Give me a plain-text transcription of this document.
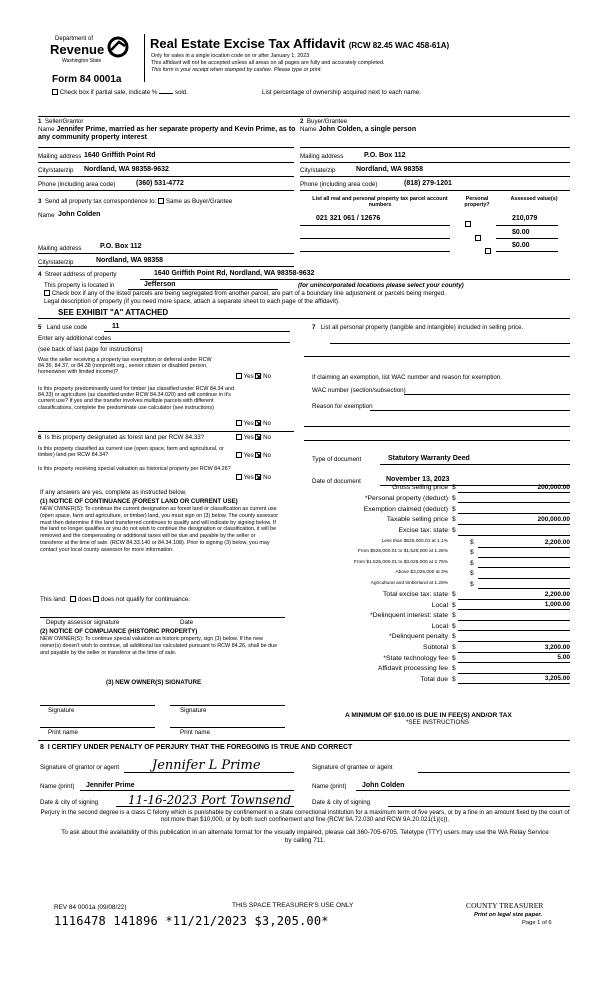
Department of
Revenue
Washington State
Real Estate Excise Tax Affidavit (RCW 82.45 WAC 458-61A)
Only for sales in a single location code on or after January 1, 2023
This affidavit will not be accepted unless all areas on all pages are fully and accurately completed.
This form is your receipt when stamped by cashier. Please type or print.
Form 84 0001a
Check box if partial sale, indicate %	sold.	List percentage of ownership acquired next to each name.
1 Seller/Grantor
Name Jennifer Prime, married as her separate property and Kevin Prime, as to any community property interest
2 Buyer/Grantee
Name John Colden, a single person
Mailing address 1640 Griffith Point Rd
City/state/zip Nordland, WA 98358-9632
Phone (including area code)	(360) 531-4772
Mailing address	P.O. Box 112
City/state/zip	Nordland, WA 98358
Phone (including area code)	(818) 279-1201
3 Send all property tax correspondence to: Same as Buyer/Grantee
Name John Colden
List all real and personal property tax parcel account numbers
Personal property?
Assessed value(s)
021 321 061 / 12676
	210,079
$0.00
$0.00
Mailing address	P.O. Box 112
City/state/zip	Nordland, WA 98358
4 Street address of property	1640 Griffith Point Rd, Nordland, WA 98358-9632
This property is located in	Jefferson	(for unincorporated locations please select your county)
Check box if any of the listed parcels are being segregated from another parcel, are part of a boundary line adjustment or parcels being merged.
Legal description of property (if you need more space, attach a separate sheet to each page of the affidavit).
SEE EXHIBIT "A" ATTACHED
5 Land use code	11
Enter any additional codes
(see back of last page for instructions)
Was the seller receiving a property tax exemption or deferral under RCW 84.36, 84.37, or 84.38 (nonprofit org., senior citizen or disabled person, homeowner with limited income)?
Yes No
Is this property predominantly used for timber (as classified under RCW 84.34 and 84.33) or agriculture (as classified under RCW 84.34.020) and will continue in it's current use? If yes and the transfer involves multiple parcels with different classifications, complete the predominate use calculator (see instructions)
Yes No
6 Is this property designated as forest land per RCW 84.33?	Yes No
Is this property classified as current use (open space, farm and agricultural, or timber) land per RCW 84.34?	Yes No
Is this property receiving special valuation as historical property per RCW 84.26?
Yes No
If any answers are yes, complete as instructed below.
(1) NOTICE OF CONTINUANCE (FOREST LAND OR CURRENT USE)
NEW OWNER(S): To continue the current designation as forest land or classification as current use (open space, farm and agriculture, or timber) land, you must sign on (3) below. The county assessor must then determine if the land transferred continues to qualify and will indicate by signing below. If the land no longer qualifies or you do not wish to continue the designation or classification, it will be removed and the compensating or additional taxes will be due and payable by the seller or transferor at the time of sale. (RCW 84.33.140 or 84.34.108). Prior to signing (3) below, you may contact your local county assessor for more information.
This land: does does not qualify for continuance.
Deputy assessor signature	Date
(2) NOTICE OF COMPLIANCE (HISTORIC PROPERTY)
NEW OWNER(S): To continue special valuation as historic property, sign (3) below. If the new owner(s) doesn't wish to continue, all additional tax calculated pursuant to RCW 84.26, shall be due and payable by the seller or transferor at the time of sale.
(3) NEW OWNER(S) SIGNATURE
Signature	Signature
Print name	Print name
7 List all personal property (tangible and intangible) included in selling price.
If claiming an exemption, list WAC number and reason for exemption.
WAC number (section/subsection)
Reason for exemption
Type of document	Statutory Warranty Deed
Date of document	November 13, 2023
Gross selling price $	200,000.00
*Personal property (deduct) $
Exemption claimed (deduct) $
Taxable selling price $	200,000.00
Excise tax: state $
Less than $525,000.01 at 1.1%	$	2,200.00
From $525,000.01 to $1,525,000 at 1.28%	$
From $1,525,000.01 to $3,025,000 at 2.75%	$
Above $3,025,000 at 3%	$
Agricultural and timberland at 1.28%	$
Total excise tax: state $	2,200.00
Local $	1,000.00
*Delinquent interest: state $
Local $
*Delinquent penalty $
Subtotal $	3,200.00
*State technology fee $	5.00
Affidavit processing fee $
Total due $	3,205.00
A MINIMUM OF $10.00 IS DUE IN FEE(S) AND/OR TAX
*SEE INSTRUCTIONS
8 I CERTIFY UNDER PENALTY OF PERJURY THAT THE FOREGOING IS TRUE AND CORRECT
Signature of grantor or agent	Jennifer L Prime
Name (print) Jennifer Prime
Date & city of signing 11-16-2023 Port Townsend
Signature of grantee or agent
Name (print) John Colden
Date & city of signing
Perjury in the second degree is a class C felony which is punishable by confinement in a state correctional institution for a maximum term of five years, or by a fine in an amount fixed by the court of not more than $10,000, or by both such confinement and fine (RCW 9A.72.030 and RCW 9A.20.021(1)(c)).
To ask about the availability of this publication in an alternate format for the visually impaired, please call 360-705-6705. Teletype (TTY) users may use the WA Relay Service by calling 711.
REV 84 0001a (09/08/22)	THIS SPACE TREASURER'S USE ONLY
1116478 141896 *11/21/2023 $3,205.00*
COUNTY TREASURER
Print on legal size paper.
Page 1 of 6
